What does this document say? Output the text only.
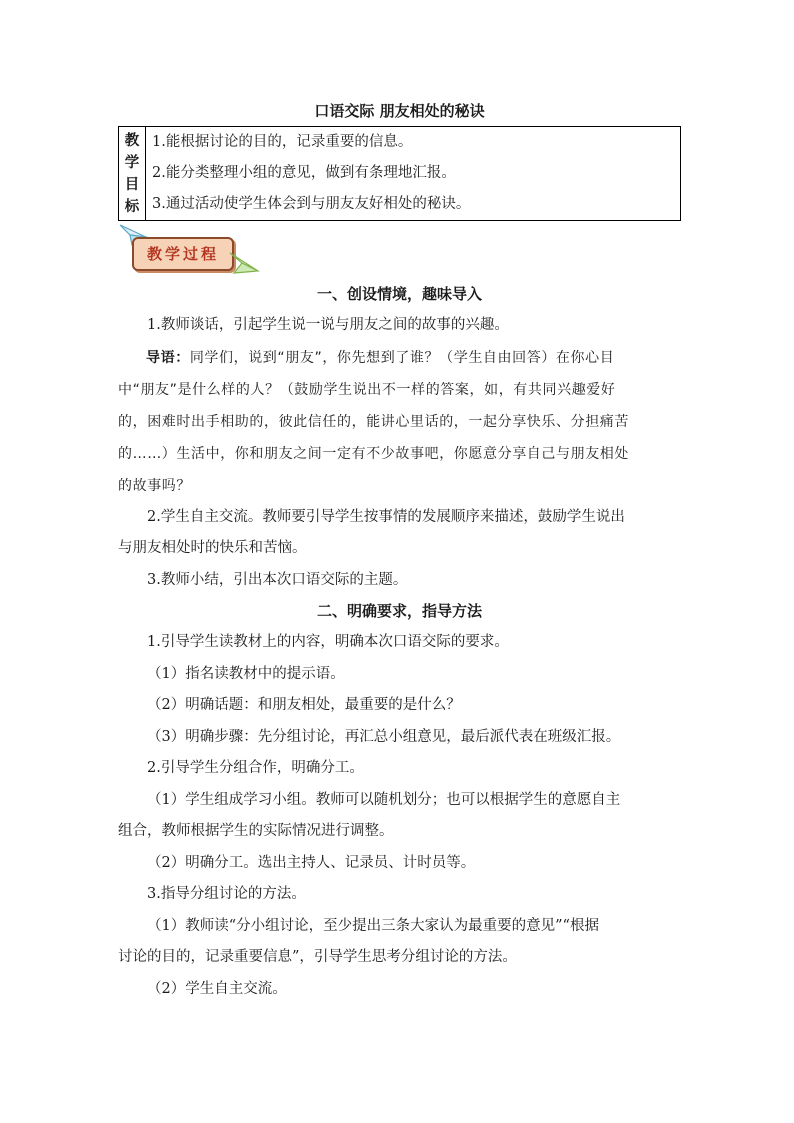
口语交际 朋友相处的秘诀
教
学
目
标

1.能根据讨论的目的，记录重要的信息。
2.能分类整理小组的意见，做到有条理地汇报。
3.通过活动使学生体会到与朋友友好相处的秘诀。
教学过程
一、创设情境，趣味导入

1.教师谈话，引起学生说一说与朋友之间的故事的兴趣。

导语：同学们，说到“朋友”，你先想到了谁？（学生自由回答）在你心目
中“朋友”是什么样的人？（鼓励学生说出不一样的答案，如，有共同兴趣爱好
的，困难时出手相助的，彼此信任的，能讲心里话的，一起分享快乐、分担痛苦
的……）生活中，你和朋友之间一定有不少故事吧，你愿意分享自己与朋友相处
的故事吗？

2.学生自主交流。教师要引导学生按事情的发展顺序来描述，鼓励学生说出

与朋友相处时的快乐和苦恼。

3.教师小结，引出本次口语交际的主题。

二、明确要求，指导方法

1.引导学生读教材上的内容，明确本次口语交际的要求。

（1）指名读教材中的提示语。

（2）明确话题：和朋友相处，最重要的是什么？

（3）明确步骤：先分组讨论，再汇总小组意见，最后派代表在班级汇报。

2.引导学生分组合作，明确分工。

（1）学生组成学习小组。教师可以随机划分；也可以根据学生的意愿自主

组合，教师根据学生的实际情况进行调整。

（2）明确分工。选出主持人、记录员、计时员等。

3.指导分组讨论的方法。

（1）教师读“分小组讨论，至少提出三条大家认为最重要的意见”“根据

讨论的目的，记录重要信息”，引导学生思考分组讨论的方法。

（2）学生自主交流。
